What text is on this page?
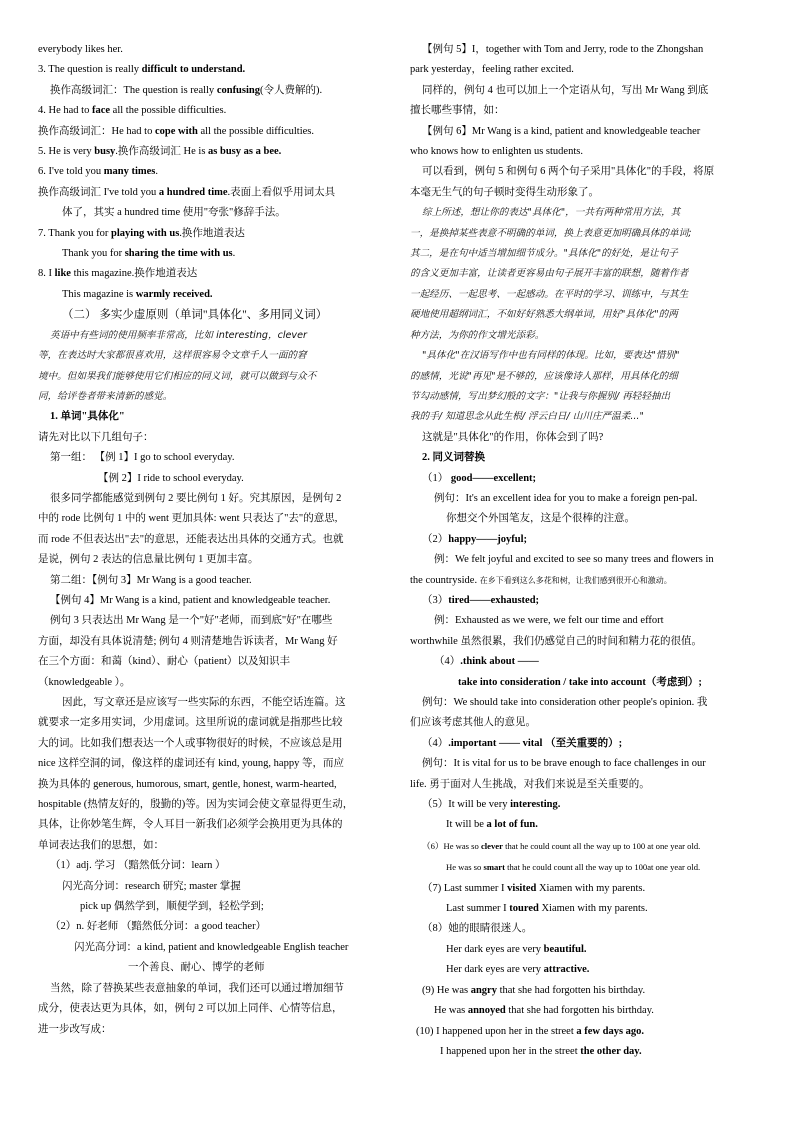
everybody likes her.

3. The question is really difficult to understand.

换作高级词汇：The question is really confusing(令人费解的).

4. He had to face all the possible difficulties.

换作高级词汇：He had to cope with all the possible difficulties.

5. He is very busy.换作高级词汇 He is as busy as a bee.

6. I've told you many times.

换作高级词汇 I've told you a hundred time.表面上看似乎用词太具

体了，其实 a hundred time 使用"夸张"修辞手法。

7. Thank you for playing with us.换作地道表达

Thank you for sharing the time with us.

8. I like this magazine.换作地道表达

This magazine is warmly received.

（二） 多实少虚原则（单词"具体化"、多用同义词）

英语中有些词的使用频率非常高，比如 interesting，clever

等，在表达时大家都很喜欢用，这样很容易令文章千人一面的窘

境中。但如果我们能够使用它们相应的同义词，就可以做到与众不

同，给评卷者带来清新的感觉。

1. 单词"具体化"

请先对比以下几组句子：

第一组： 【例 1】I go to school everyday.

【例 2】I ride to school everyday.

很多同学都能感觉到例句 2 要比例句 1 好。究其原因，是例句 2

中的 rode 比例句 1 中的 went 更加具体: went 只表达了"去"的意思,

而 rode 不但表达出"去"的意思，还能表达出具体的交通方式。也就

是说，例句 2 表达的信息量比例句 1 更加丰富。

第二组：【例句 3】Mr Wang is a good teacher.

【例句 4】Mr Wang is a kind, patient and knowledgeable teacher.

例句 3 只表达出 Mr Wang 是一个"好"老师，而到底"好"在哪些

方面，却没有具体说清楚; 例句 4 则清楚地告诉读者，Mr Wang 好

在三个方面：和蔼（kind）、耐心（patient）以及知识丰

（knowledgeable ）。

因此，写文章还是应该写一些实际的东西，不能空话连篇。这

就要求一定多用实词，少用虚词。这里所说的虚词就是指那些比较

大的词。比如我们想表达一个人或事物很好的时候，不应该总是用

nice 这样空洞的词，像这样的虚词还有 kind, young, happy 等，而应

换为具体的 generous, humorous, smart, gentle, honest, warm-hearted,

hospitable (热情友好的，殷勤的)等。因为实词会使文章显得更生动，

具体，让你妙笔生辉，令人耳目一新我们必须学会换用更为具体的

单词表达我们的思想，如：

（1）adj. 学习 （黯然低分词：learn ）

闪光高分词：research 研究; master 掌握

pick up 偶然学到，顺便学到，轻松学到;

（2）n. 好老师 （黯然低分词：a good teacher）

闪光高分词：a kind, patient and knowledgeable English teacher

一个善良、耐心、博学的老师

当然，除了替换某些表意抽象的单词，我们还可以通过增加细节

成分，使表达更为具体，如，例句 2 可以加上同伴、心情等信息，

进一步改写成：

【例句 5】I，together with Tom and Jerry, rode to the Zhongshan

park yesterday，feeling rather excited.

同样的，例句 4 也可以加上一个定语从句，写出 Mr Wang 到底

擅长哪些事情，如：

【例句 6】Mr Wang is a kind, patient and knowledgeable teacher

who knows how to enlighten us students.

可以看到，例句 5 和例句 6 两个句子采用"具体化"的手段，将原

本毫无生气的句子顿时变得生动形象了。

综上所述，想让你的表达"具体化"，一共有两种常用方法，其

一，是换掉某些表意不明确的单词，换上表意更加明确具体的单词;

其二，是在句中适当增加细节成分。"具体化"的好处，是让句子

的含义更加丰富，让读者更容易由句子展开丰富的联想，随着作者

一起经历、一起思考、一起感动。在平时的学习、训练中，与其生

硬地使用超纲词汇，不如好好熟悉大纲单词，用好"具体化"的两

种方法，为你的作文增光添彩。

"具体化"在汉语写作中也有同样的体现。比如，要表达"惜别"

的感情，光说"再见"是不够的，应该像诗人那样，用具体化的细

节勾动感情，写出梦幻般的文字："让我与你握别/ 再轻轻抽出

我的手/ 知道思念从此生根/ 浮云白日/ 山川庄严温柔..."

这就是"具体化"的作用，你体会到了吗?

2. 同义词替换

（1） good——excellent;

例句：It's an excellent idea for you to make a foreign pen-pal.

你想交个外国笔友，这是个很棒的注意。

（2）happy——joyful;

例：We felt joyful and excited to see so many trees and flowers in

the countryside. 在乡下看到这么多花和树，让我们感到很开心和激动。

（3）tired——exhausted;

例：Exhausted as we were, we felt our time and effort

worthwhile 虽然很累，我们仍感觉自己的时间和精力花的很值。

（4）.think about ——

take into consideration / take into account（考虑到）;

例句：We should take into consideration other people's opinion. 我

们应该考虑其他人的意见。

（4）.important —— vital （至关重要的）;

例句：It is vital for us to be brave enough to face challenges in our

life. 勇于面对人生挑战，对我们来说是至关重要的。

（5）It will be very interesting.

It will be a lot of fun.

（6）He was so clever that he could count all the way up to 100 at one year old.

He was so smart that he could count all the way up to 100at one year old.

（7) Last summer I visited Xiamen with my parents.

Last summer I toured Xiamen with my parents.

（8）她的眼睛很迷人。

Her dark eyes are very beautiful.

Her dark eyes are very attractive.

(9) He was angry that she had forgotten his birthday.

He was annoyed that she had forgotten his birthday.

(10) I happened upon her in the street a few days ago.

I happened upon her in the street the other day.
